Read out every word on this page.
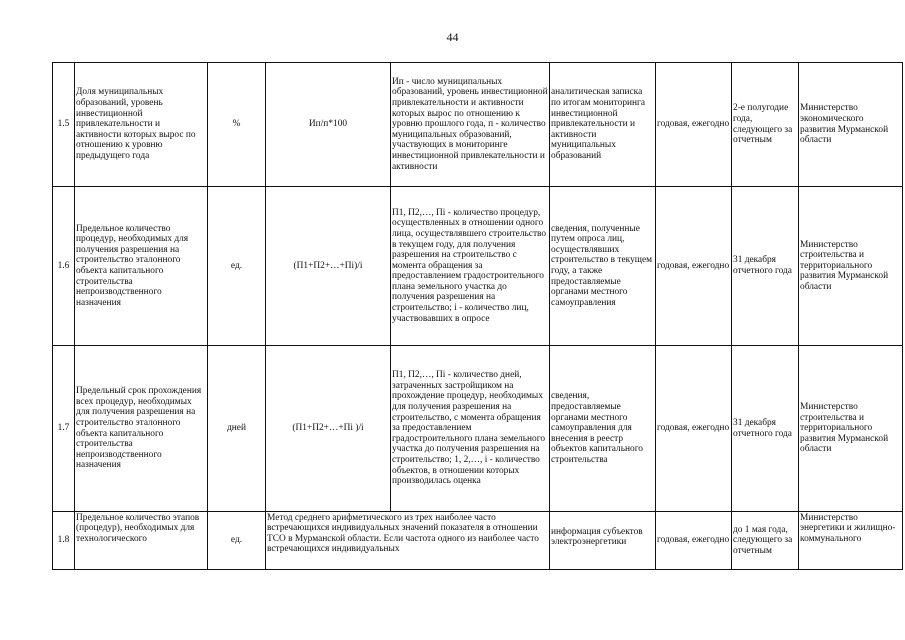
44
1.5	Доля муниципальных образований, уровень инвестиционной привлекательности и активности которых вырос по отношению к уровню предыдущего года	%	Ип/п*100	Ип - число муниципальных образований, уровень инвестиционной привлекательности и активности которых вырос по отношению к уровню прошлого года, п - количество муниципальных образований, участвующих в мониторинге инвестиционной привлекательности и активности	аналитическая записка по итогам мониторинга инвестиционной привлекательности и активности муниципальных образований	годовая, ежегодно	2-е полугодие года, следующего за отчетным	Министерство экономического развития Мурманской области
1.6	Предельное количество процедур, необходимых для получения разрешения на строительство эталонного объекта капитального строительства непроизводственного назначения	ед.	(П1+П2+…+Пі)/і	П1, П2,…, Пі - количество процедур, осуществленных в отношении одного лица, осуществлявшего строительство в текущем году, для получения разрешения на строительство с момента обращения за предоставлением градостроительного плана земельного участка до получения разрешения на строительство; і - количество лиц, участвовавших в опросе	сведения, полученные путем опроса лиц, осуществлявших строительство в текущем году, а также предоставляемые органами местного самоуправления	годовая, ежегодно	31 декабря отчетного года	Министерство строительства и территориального развития Мурманской области
1.7	Предельный срок прохождения всех процедур, необходимых для получения разрешения на строительство эталонного объекта капитального строительства непроизводственного назначения	дней	(П1+П2+…+Пі )/і	П1, П2,…, Пі - количество дней, затраченных застройщиком на прохождение процедур, необходимых для получения разрешения на строительство, с момента обращения за предоставлением градостроительного плана земельного участка до получения разрешения на строительство; 1, 2,…, і - количество объектов, в отношении которых производилась оценка	сведения, предоставляемые органами местного самоуправления для внесения в реестр объектов капитального строительства	годовая, ежегодно	31 декабря отчетного года	Министерство строительства и территориального развития Мурманской области
1.8	Предельное количество этапов (процедур), необходимых для технологического	ед.	Метод среднего арифметического из трех наиболее часто встречающихся индивидуальных значений показателя в отношении ТСО в Мурманской области. Если частота одного из наиболее часто встречающихся индивидуальных		информация субъектов электроэнергетики	годовая, ежегодно	до 1 мая года, следующего за отчетным	Министерство энергетики и жилищно-коммунального
